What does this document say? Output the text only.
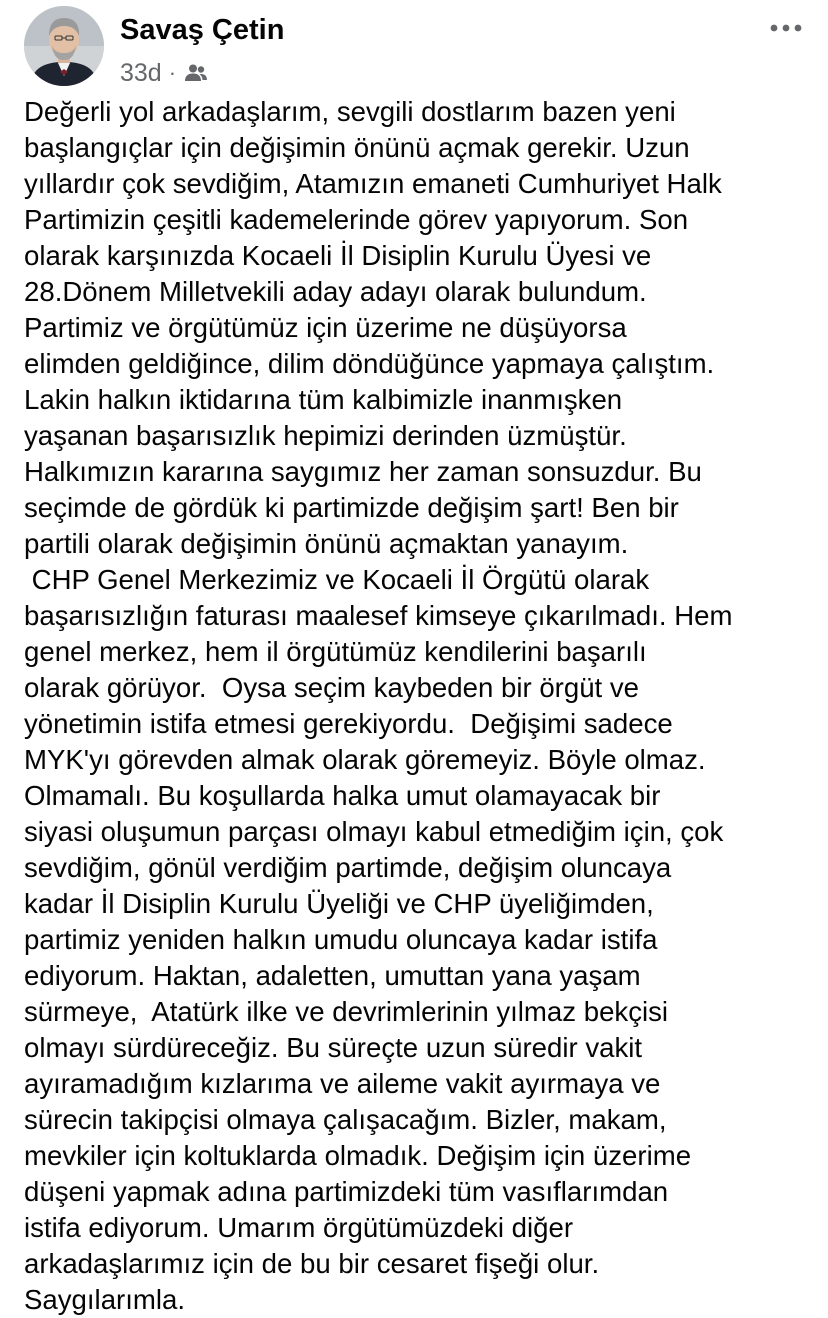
Savaş Çetin
33d ·
Değerli yol arkadaşlarım, sevgili dostlarım bazen yeni
başlangıçlar için değişimin önünü açmak gerekir. Uzun
yıllardır çok sevdiğim, Atamızın emaneti Cumhuriyet Halk
Partimizin çeşitli kademelerinde görev yapıyorum. Son
olarak karşınızda Kocaeli İl Disiplin Kurulu Üyesi ve
28.Dönem Milletvekili aday adayı olarak bulundum.
Partimiz ve örgütümüz için üzerime ne düşüyorsa
elimden geldiğince, dilim döndüğünce yapmaya çalıştım.
Lakin halkın iktidarına tüm kalbimizle inanmışken
yaşanan başarısızlık hepimizi derinden üzmüştür.
Halkımızın kararına saygımız her zaman sonsuzdur. Bu
seçimde de gördük ki partimizde değişim şart! Ben bir
partili olarak değişimin önünü açmaktan yanayım.
CHP Genel Merkezimiz ve Kocaeli İl Örgütü olarak
başarısızlığın faturası maalesef kimseye çıkarılmadı. Hem
genel merkez, hem il örgütümüz kendilerini başarılı
olarak görüyor.  Oysa seçim kaybeden bir örgüt ve
yönetimin istifa etmesi gerekiyordu.  Değişimi sadece
MYK'yı görevden almak olarak göremeyiz. Böyle olmaz.
Olmamalı. Bu koşullarda halka umut olamayacak bir
siyasi oluşumun parçası olmayı kabul etmediğim için, çok
sevdiğim, gönül verdiğim partimde, değişim oluncaya
kadar İl Disiplin Kurulu Üyeliği ve CHP üyeliğimden,
partimiz yeniden halkın umudu oluncaya kadar istifa
ediyorum. Haktan, adaletten, umuttan yana yaşam
sürmeye,  Atatürk ilke ve devrimlerinin yılmaz bekçisi
olmayı sürdüreceğiz. Bu süreçte uzun süredir vakit
ayıramadığım kızlarıma ve aileme vakit ayırmaya ve
sürecin takipçisi olmaya çalışacağım. Bizler, makam,
mevkiler için koltuklarda olmadık. Değişim için üzerime
düşeni yapmak adına partimizdeki tüm vasıflarımdan
istifa ediyorum. Umarım örgütümüzdeki diğer
arkadaşlarımız için de bu bir cesaret fişeği olur.
Saygılarımla.
